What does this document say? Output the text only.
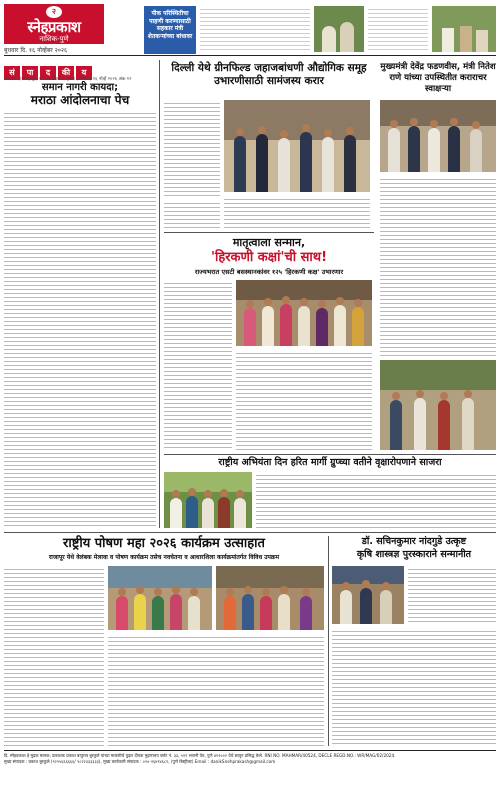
२
स्नेहप्रकाश
नाशिक-पुणे
बुधवार दि. १६ नोव्हेंबर २०२६
पीक परिस्थितीचा पाहणी करण्यासाठी सहकार मंत्री शेतकऱ्यांच्या बांधावर
सं पा द की य
संपादक: (कोल्हापूर) वर्ष ११ अंक ५६ पृष्ठ २ (नाशिक) १६ नोव्हें २०२६ अंक १२
समान नागरी कायदा;
मराठा आंदोलनाचा पेच
दिल्ली येथे ग्रीनफिल्ड जहाजबांधणी औद्योगिक समूह उभारणीसाठी सामंजस्य करार
मुख्यमंत्री देवेंद्र फडणवीस, मंत्री नितेश राणे यांच्या उपस्थितीत कराराचर स्वाक्षऱ्या
मातृत्वाला सन्मान,
'हिरकणी कक्षां'ची साथ!
राज्यभरात एसटी बसस्थानकांवर १२५ 'हिरकणी कक्ष' उभारणार
राष्ट्रीय अभियंता दिन हरित मार्गी ग्रुप्च्या वतीने वृक्षारोपणाने साजरा
राष्ट्रीय पोषण महा २०२६ कार्यक्रम उत्साहात
राजापूर येथे वेलंबक मेलावा व पोषण कार्यक्रम तसेच नवचेतना व आधारशिला कार्यक्रमांतर्गत विविध उपक्रम
डॉ. सचिनकुमार नांदगुडे उत्कृष्ट
कृषि शास्त्रज्ञ पुरस्काराने सन्मानीत
दि. स्नेहप्रकाश हे मुद्रक मालक, प्रकाशक प्रकाश बापुराव बुरकुले यांच्या मालकीचे पुढ़ार दीपक मुद्रणालय फ्लॅट नं. ३३, ५२१ भवानी पेठ, पुणे ४११००२ येथे छापून प्रसिद्ध केले. RNI NO. MAHMAR/40524, DECLE REGD.NO.: WR/MAG/02/2024.
मुख्य संपादक : प्रकाश बुरकुले (९२२५६६६६६६/ ९८२२३३३३३३), मुख्य कार्यकारी संपादक : ०२०-२६४९४६८१, (पुणे डिस्ट्रीक्ट) Email : danikSnehprakash@gmail.com
